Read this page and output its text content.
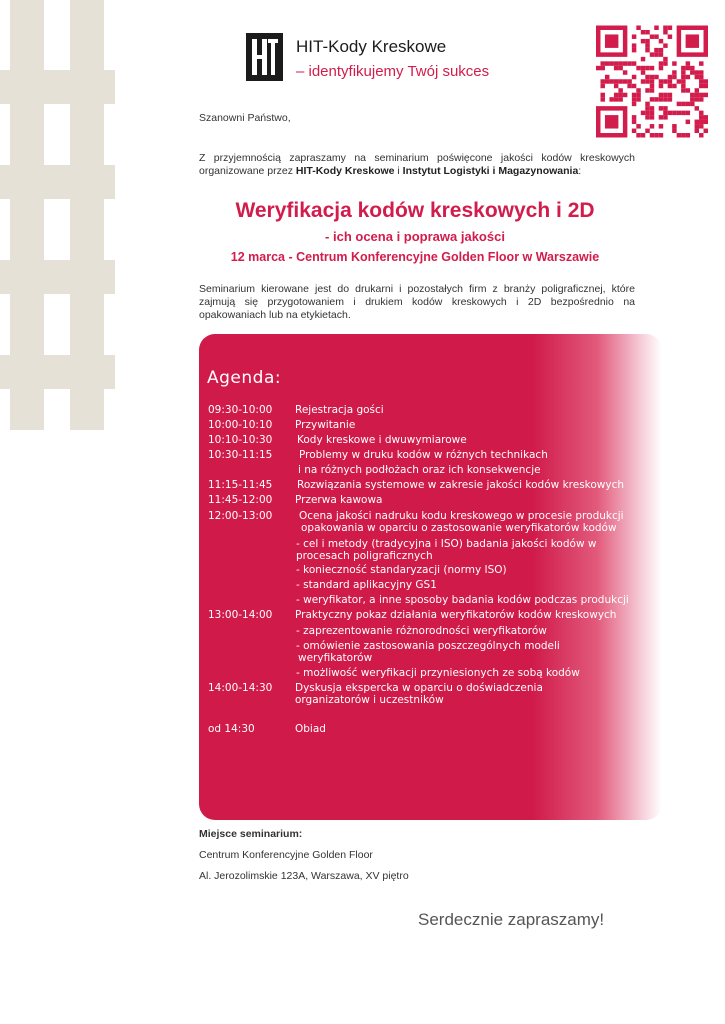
HIT-Kody Kreskowe
– identyfikujemy Twój sukces
Szanowni Państwo,
Z przyjemnością zapraszamy na seminarium poświęcone jakości kodów kreskowych organizowane przez HIT-Kody Kreskowe i Instytut Logistyki i Magazynowania:
Weryfikacja kodów kreskowych i 2D
- ich ocena i poprawa jakości
12 marca - Centrum Konferencyjne Golden Floor w Warszawie
Seminarium kierowane jest do drukarni i pozostałych firm z branży poligraficznej, które zajmują się przygotowaniem i drukiem kodów kreskowych i 2D bezpośrednio na opakowaniach lub na etykietach.
Agenda:
09:30-10:00 Rejestracja gości
10:00-10:10 Przywitanie
10:10-10:30 Kody kreskowe i dwuwymiarowe
10:30-11:15	Problemy w druku kodów w różnych technikach
i na różnych podłożach oraz ich konsekwencje
11:15-11:45 Rozwiązania systemowe w zakresie jakości kodów kreskowych
11:45-12:00 Przerwa kawowa
12:00-13:00	Ocena jakości nadruku kodu kreskowego w procesie produkcji
opakowania w oparciu o zastosowanie weryfikatorów kodów
- cel i metody (tradycyjna i ISO) badania jakości kodów w
procesach poligraficznych
- konieczność standaryzacji (normy ISO)
- standard aplikacyjny GS1
- weryfikator, a inne sposoby badania kodów podczas produkcji
13:00-14:00 Praktyczny pokaz działania weryfikatorów kodów kreskowych
- zaprezentowanie różnorodności weryfikatorów
- omówienie zastosowania poszczególnych modeli
weryfikatorów
- możliwość weryfikacji przyniesionych ze sobą kodów
14:00-14:30 Dyskusja ekspercka w oparciu o doświadczenia
organizatorów i uczestników
od 14:30	Obiad
Miejsce seminarium:
Centrum Konferencyjne Golden Floor
Al. Jerozolimskie 123A, Warszawa, XV piętro
Serdecznie zapraszamy!
